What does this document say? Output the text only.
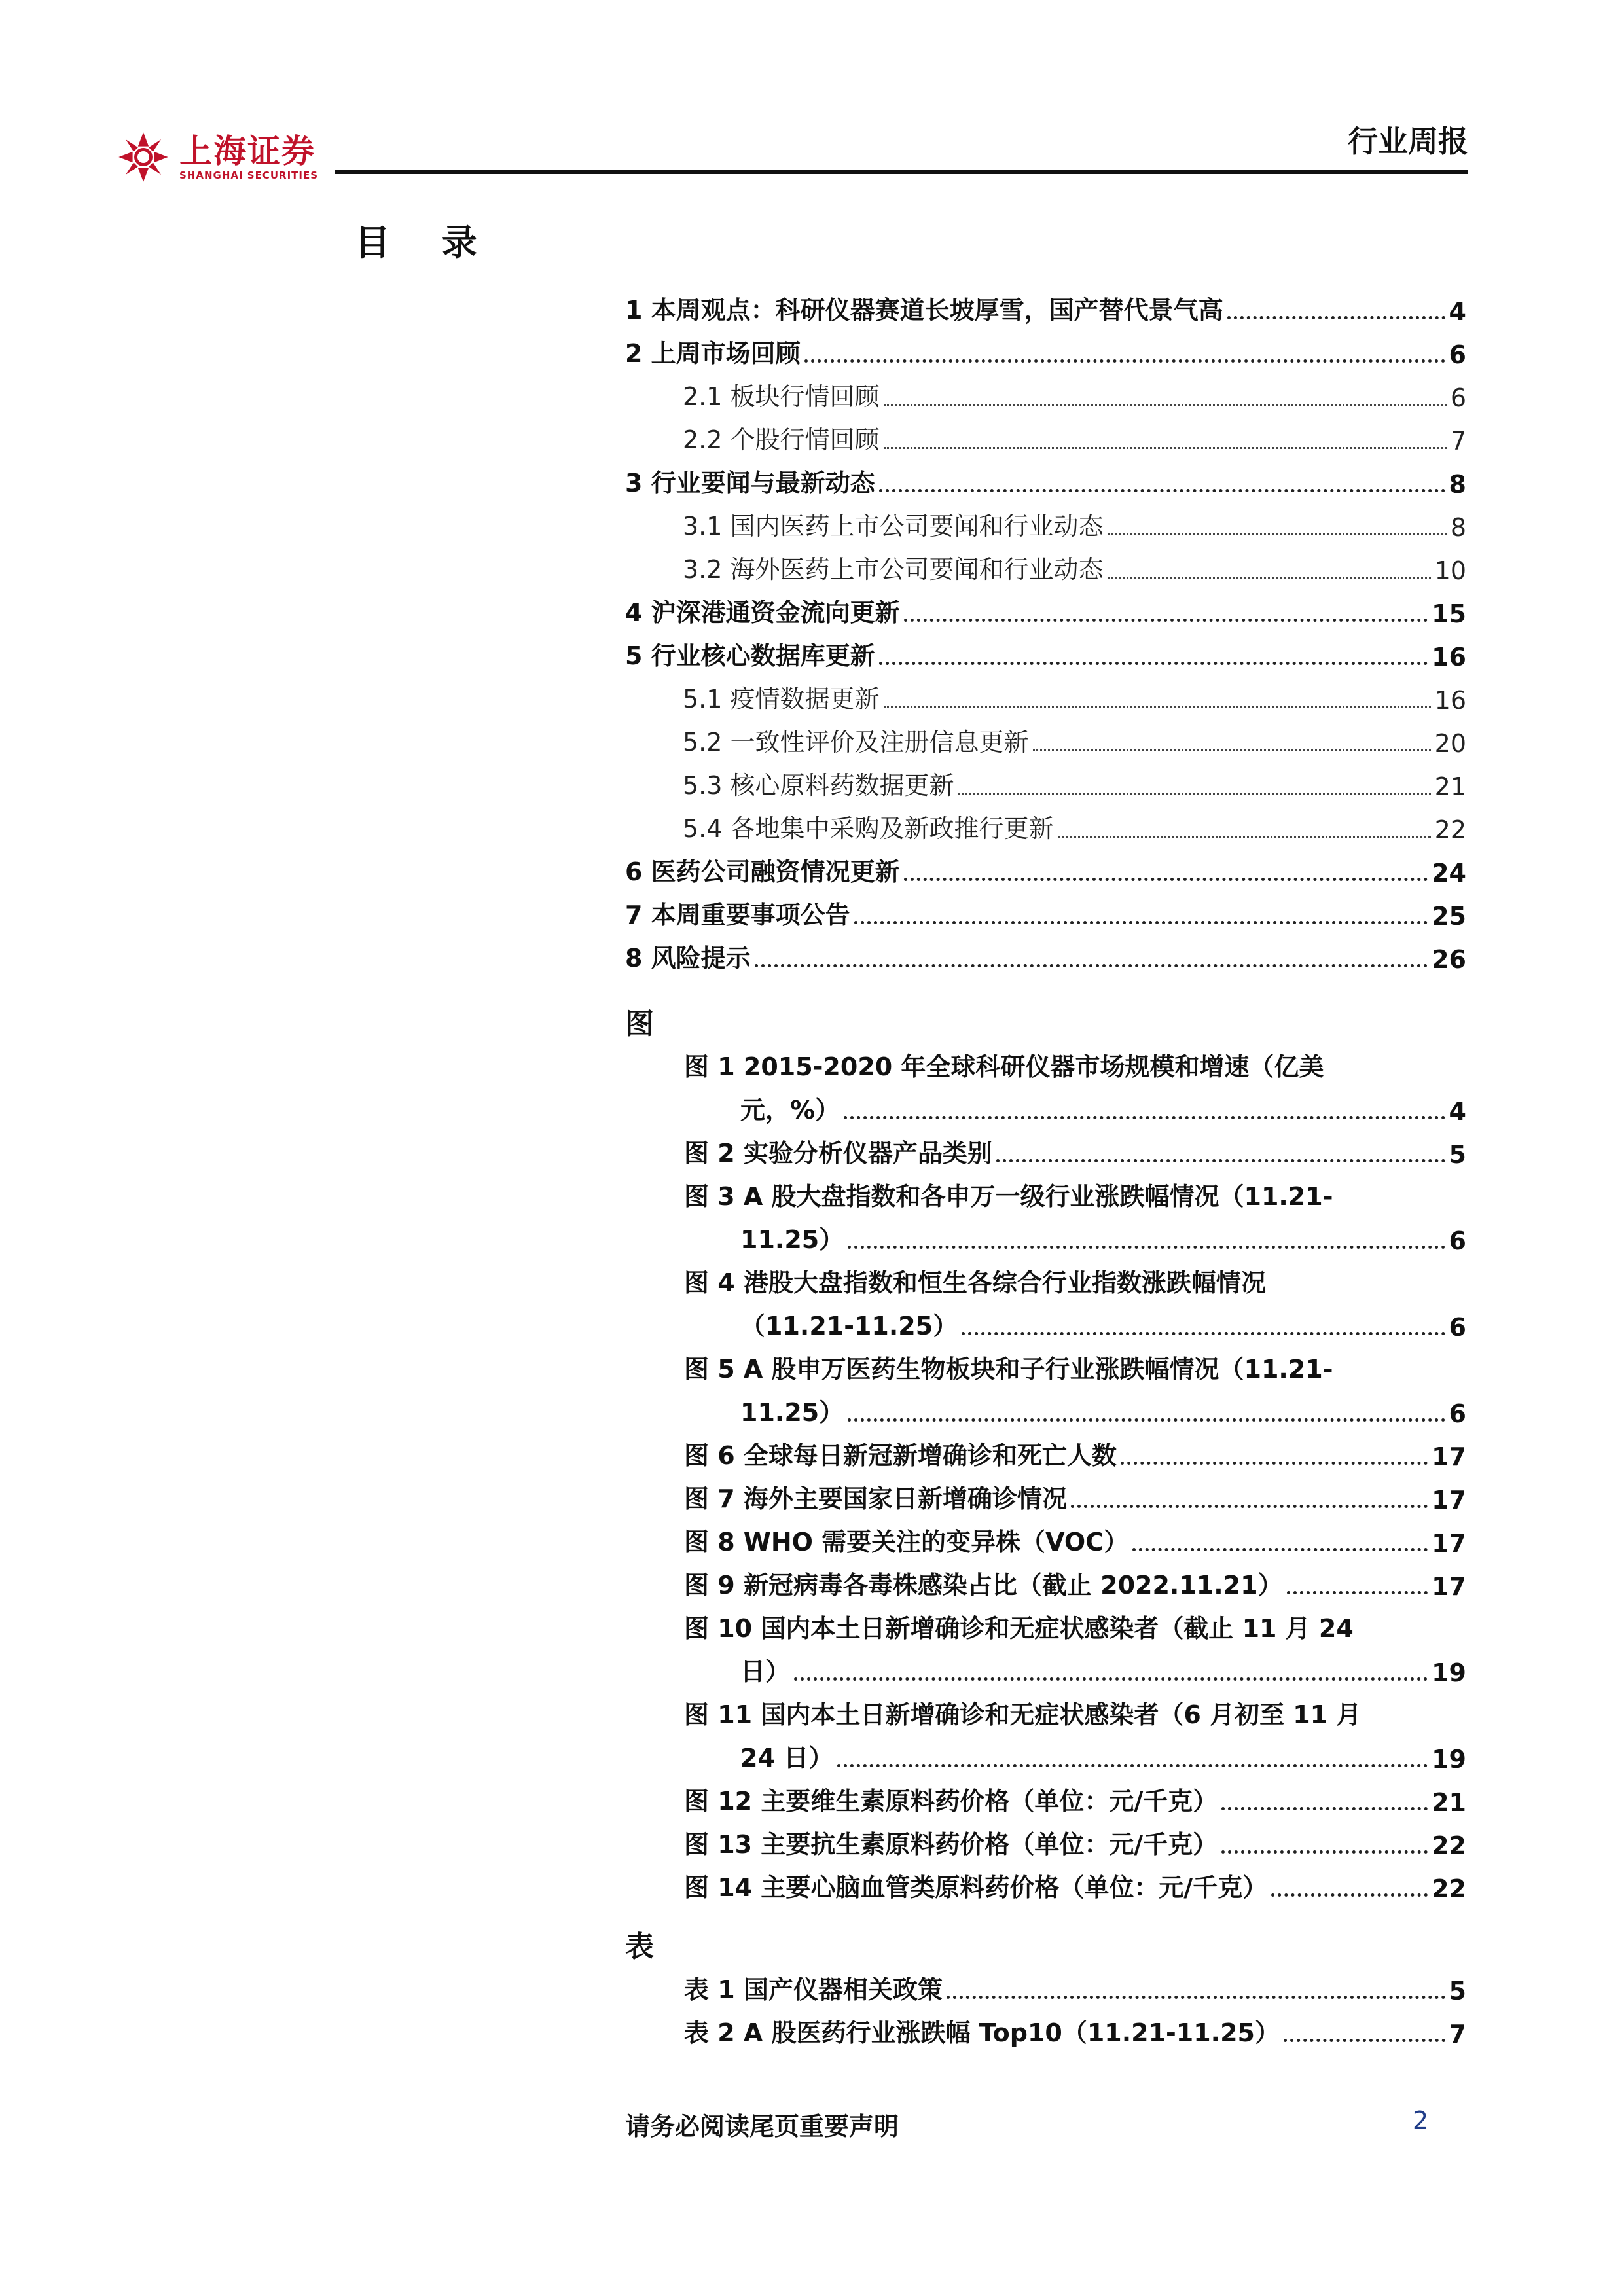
上海证券
SHANGHAI SECURITIES
行业周报
目 录
1 本周观点：科研仪器赛道长坡厚雪，国产替代景气高	4
2 上周市场回顾	6
2.1 板块行情回顾	6
2.2 个股行情回顾	7
3 行业要闻与最新动态	8
3.1 国内医药上市公司要闻和行业动态	8
3.2 海外医药上市公司要闻和行业动态	10
4 沪深港通资金流向更新	15
5 行业核心数据库更新	16
5.1 疫情数据更新	16
5.2 一致性评价及注册信息更新	20
5.3 核心原料药数据更新	21
5.4 各地集中采购及新政推行更新	22
6 医药公司融资情况更新	24
7 本周重要事项公告	25
8 风险提示	26
图
图 1 2015-2020 年全球科研仪器市场规模和增速（亿美
元，%）	4
图 2 实验分析仪器产品类别	5
图 3 A 股大盘指数和各申万一级行业涨跌幅情况（11.21-
11.25）	6
图 4 港股大盘指数和恒生各综合行业指数涨跌幅情况
（11.21-11.25）	6
图 5 A 股申万医药生物板块和子行业涨跌幅情况（11.21-
11.25）	6
图 6 全球每日新冠新增确诊和死亡人数	17
图 7 海外主要国家日新增确诊情况	17
图 8 WHO 需要关注的变异株（VOC）	17
图 9 新冠病毒各毒株感染占比（截止 2022.11.21）	17
图 10 国内本土日新增确诊和无症状感染者（截止 11 月 24
日）	19
图 11 国内本土日新增确诊和无症状感染者（6 月初至 11 月
24 日）	19
图 12 主要维生素原料药价格（单位：元/千克）	21
图 13 主要抗生素原料药价格（单位：元/千克）	22
图 14 主要心脑血管类原料药价格（单位：元/千克）	22
表
表 1 国产仪器相关政策	5
表 2 A 股医药行业涨跌幅 Top10（11.21-11.25）	7
请务必阅读尾页重要声明	2
